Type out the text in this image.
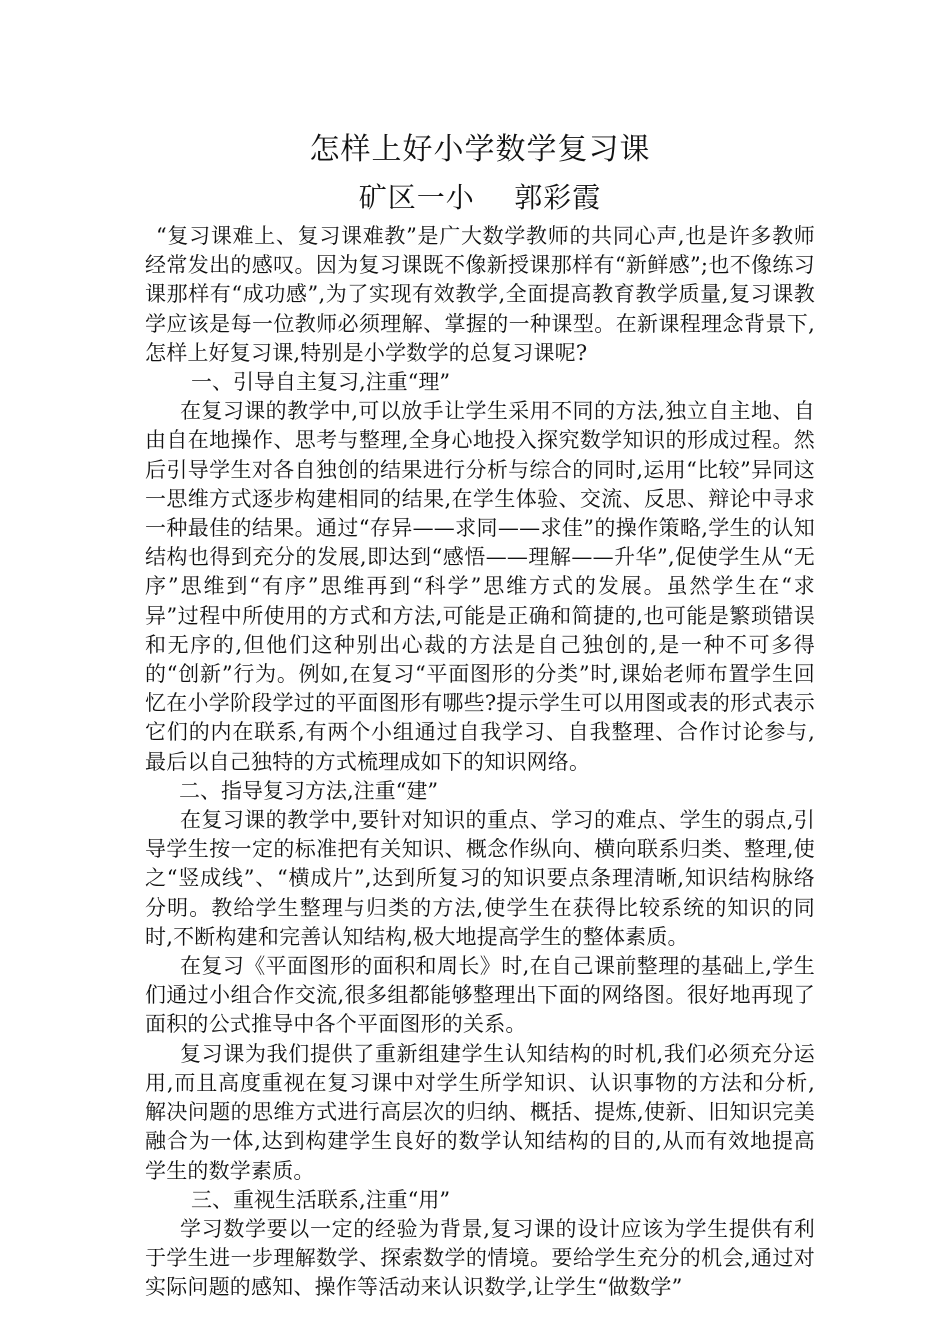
怎样上好小学数学复习课
矿区一小    郭彩霞

“复习课难上、复习课难教”是广大数学教师的共同心声,也是许多教师经常发出的感叹。因为复习课既不像新授课那样有“新鲜感”;也不像练习课那样有“成功感”,为了实现有效教学,全面提高教育教学质量,复习课教学应该是每一位教师必须理解、掌握的一种课型。在新课程理念背景下,怎样上好复习课,特别是小学数学的总复习课呢?

一、引导自主复习,注重“理”

在复习课的教学中,可以放手让学生采用不同的方法,独立自主地、自由自在地操作、思考与整理,全身心地投入探究数学知识的形成过程。然后引导学生对各自独创的结果进行分析与综合的同时,运用“比较”异同这一思维方式逐步构建相同的结果,在学生体验、交流、反思、辩论中寻求一种最佳的结果。通过“存异——求同——求佳”的操作策略,学生的认知结构也得到充分的发展,即达到“感悟——理解——升华”,促使学生从“无序”思维到“有序”思维再到“科学”思维方式的发展。虽然学生在“求异”过程中所使用的方式和方法,可能是正确和简捷的,也可能是繁琐错误和无序的,但他们这种别出心裁的方法是自己独创的,是一种不可多得的“创新”行为。例如,在复习“平面图形的分类”时,课始老师布置学生回忆在小学阶段学过的平面图形有哪些?提示学生可以用图或表的形式表示它们的内在联系,有两个小组通过自我学习、自我整理、合作讨论参与,最后以自己独特的方式梳理成如下的知识网络。

二、指导复习方法,注重“建”

在复习课的教学中,要针对知识的重点、学习的难点、学生的弱点,引导学生按一定的标准把有关知识、概念作纵向、横向联系归类、整理,使之“竖成线”、“横成片”,达到所复习的知识要点条理清晰,知识结构脉络分明。教给学生整理与归类的方法,使学生在获得比较系统的知识的同时,不断构建和完善认知结构,极大地提高学生的整体素质。

在复习《平面图形的面积和周长》时,在自己课前整理的基础上,学生们通过小组合作交流,很多组都能够整理出下面的网络图。很好地再现了面积的公式推导中各个平面图形的关系。

复习课为我们提供了重新组建学生认知结构的时机,我们必须充分运用,而且高度重视在复习课中对学生所学知识、认识事物的方法和分析,解决问题的思维方式进行高层次的归纳、概括、提炼,使新、旧知识完美融合为一体,达到构建学生良好的数学认知结构的目的,从而有效地提高学生的数学素质。

三、重视生活联系,注重“用”

学习数学要以一定的经验为背景,复习课的设计应该为学生提供有利于学生进一步理解数学、探索数学的情境。要给学生充分的机会,通过对实际问题的感知、操作等活动来认识数学,让学生“做数学”
